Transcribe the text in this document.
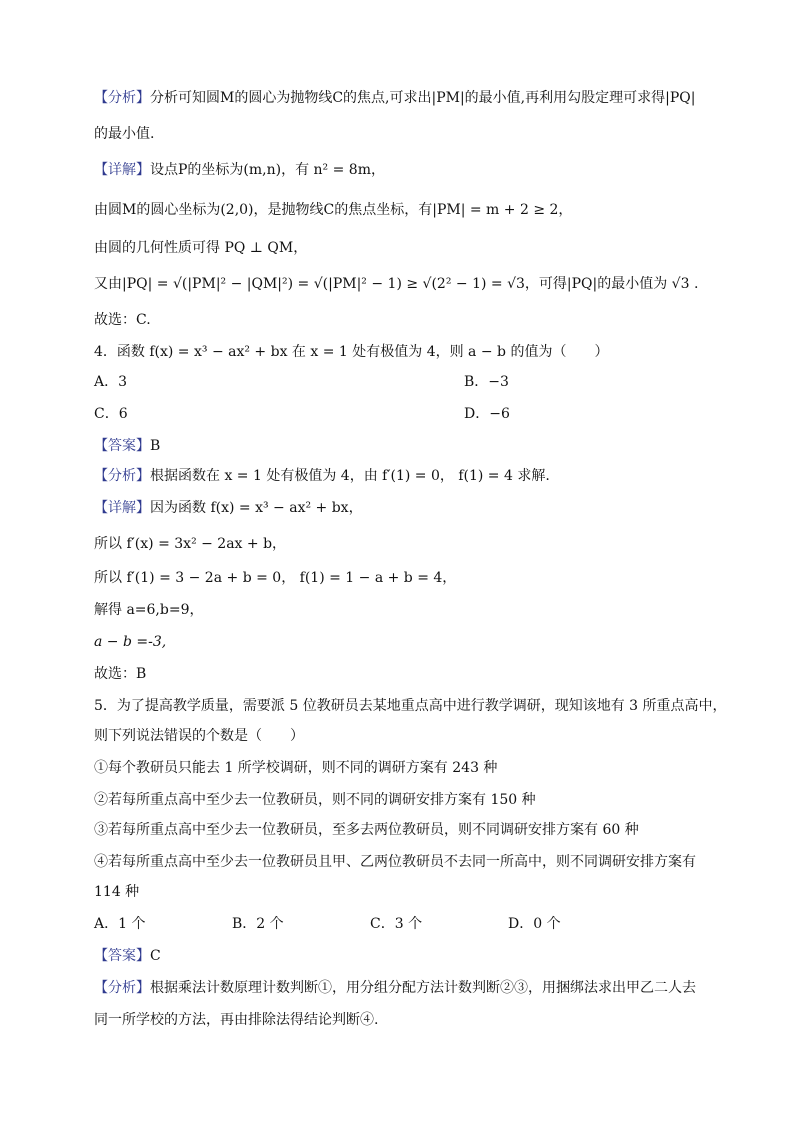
【分析】分析可知圆M的圆心为抛物线C的焦点,可求出|PM|的最小值,再利用勾股定理可求得|PQ|
的最小值.
【详解】设点P的坐标为(m,n)，有 n² = 8m，
由圆M的圆心坐标为(2,0)，是抛物线C的焦点坐标，有|PM| = m + 2 ≥ 2，
由圆的几何性质可得 PQ ⊥ QM，
又由|PQ| = √(|PM|² − |QM|²) = √(|PM|² − 1) ≥ √(2² − 1) = √3，可得|PQ|的最小值为 √3 .
故选：C.
4．函数 f(x) = x³ − ax² + bx 在 x = 1 处有极值为 4，则 a − b 的值为（　　）
A．3	B．−3
C．6	D．−6
【答案】B
【分析】根据函数在 x = 1 处有极值为 4，由 f′(1) = 0， f(1) = 4 求解.
【详解】因为函数 f(x) = x³ − ax² + bx，
所以 f′(x) = 3x² − 2ax + b，
所以 f′(1) = 3 − 2a + b = 0， f(1) = 1 − a + b = 4，
解得 a=6,b=9，
a − b =-3,
故选：B
5．为了提高教学质量，需要派 5 位教研员去某地重点高中进行教学调研，现知该地有 3 所重点高中，
则下列说法错误的个数是（　　）
①每个教研员只能去 1 所学校调研，则不同的调研方案有 243 种
②若每所重点高中至少去一位教研员，则不同的调研安排方案有 150 种
③若每所重点高中至少去一位教研员，至多去两位教研员，则不同调研安排方案有 60 种
④若每所重点高中至少去一位教研员且甲、乙两位教研员不去同一所高中，则不同调研安排方案有
114 种
A．1 个	B．2 个	C．3 个	D．0 个
【答案】C
【分析】根据乘法计数原理计数判断①，用分组分配方法计数判断②③，用捆绑法求出甲乙二人去
同一所学校的方法，再由排除法得结论判断④.
